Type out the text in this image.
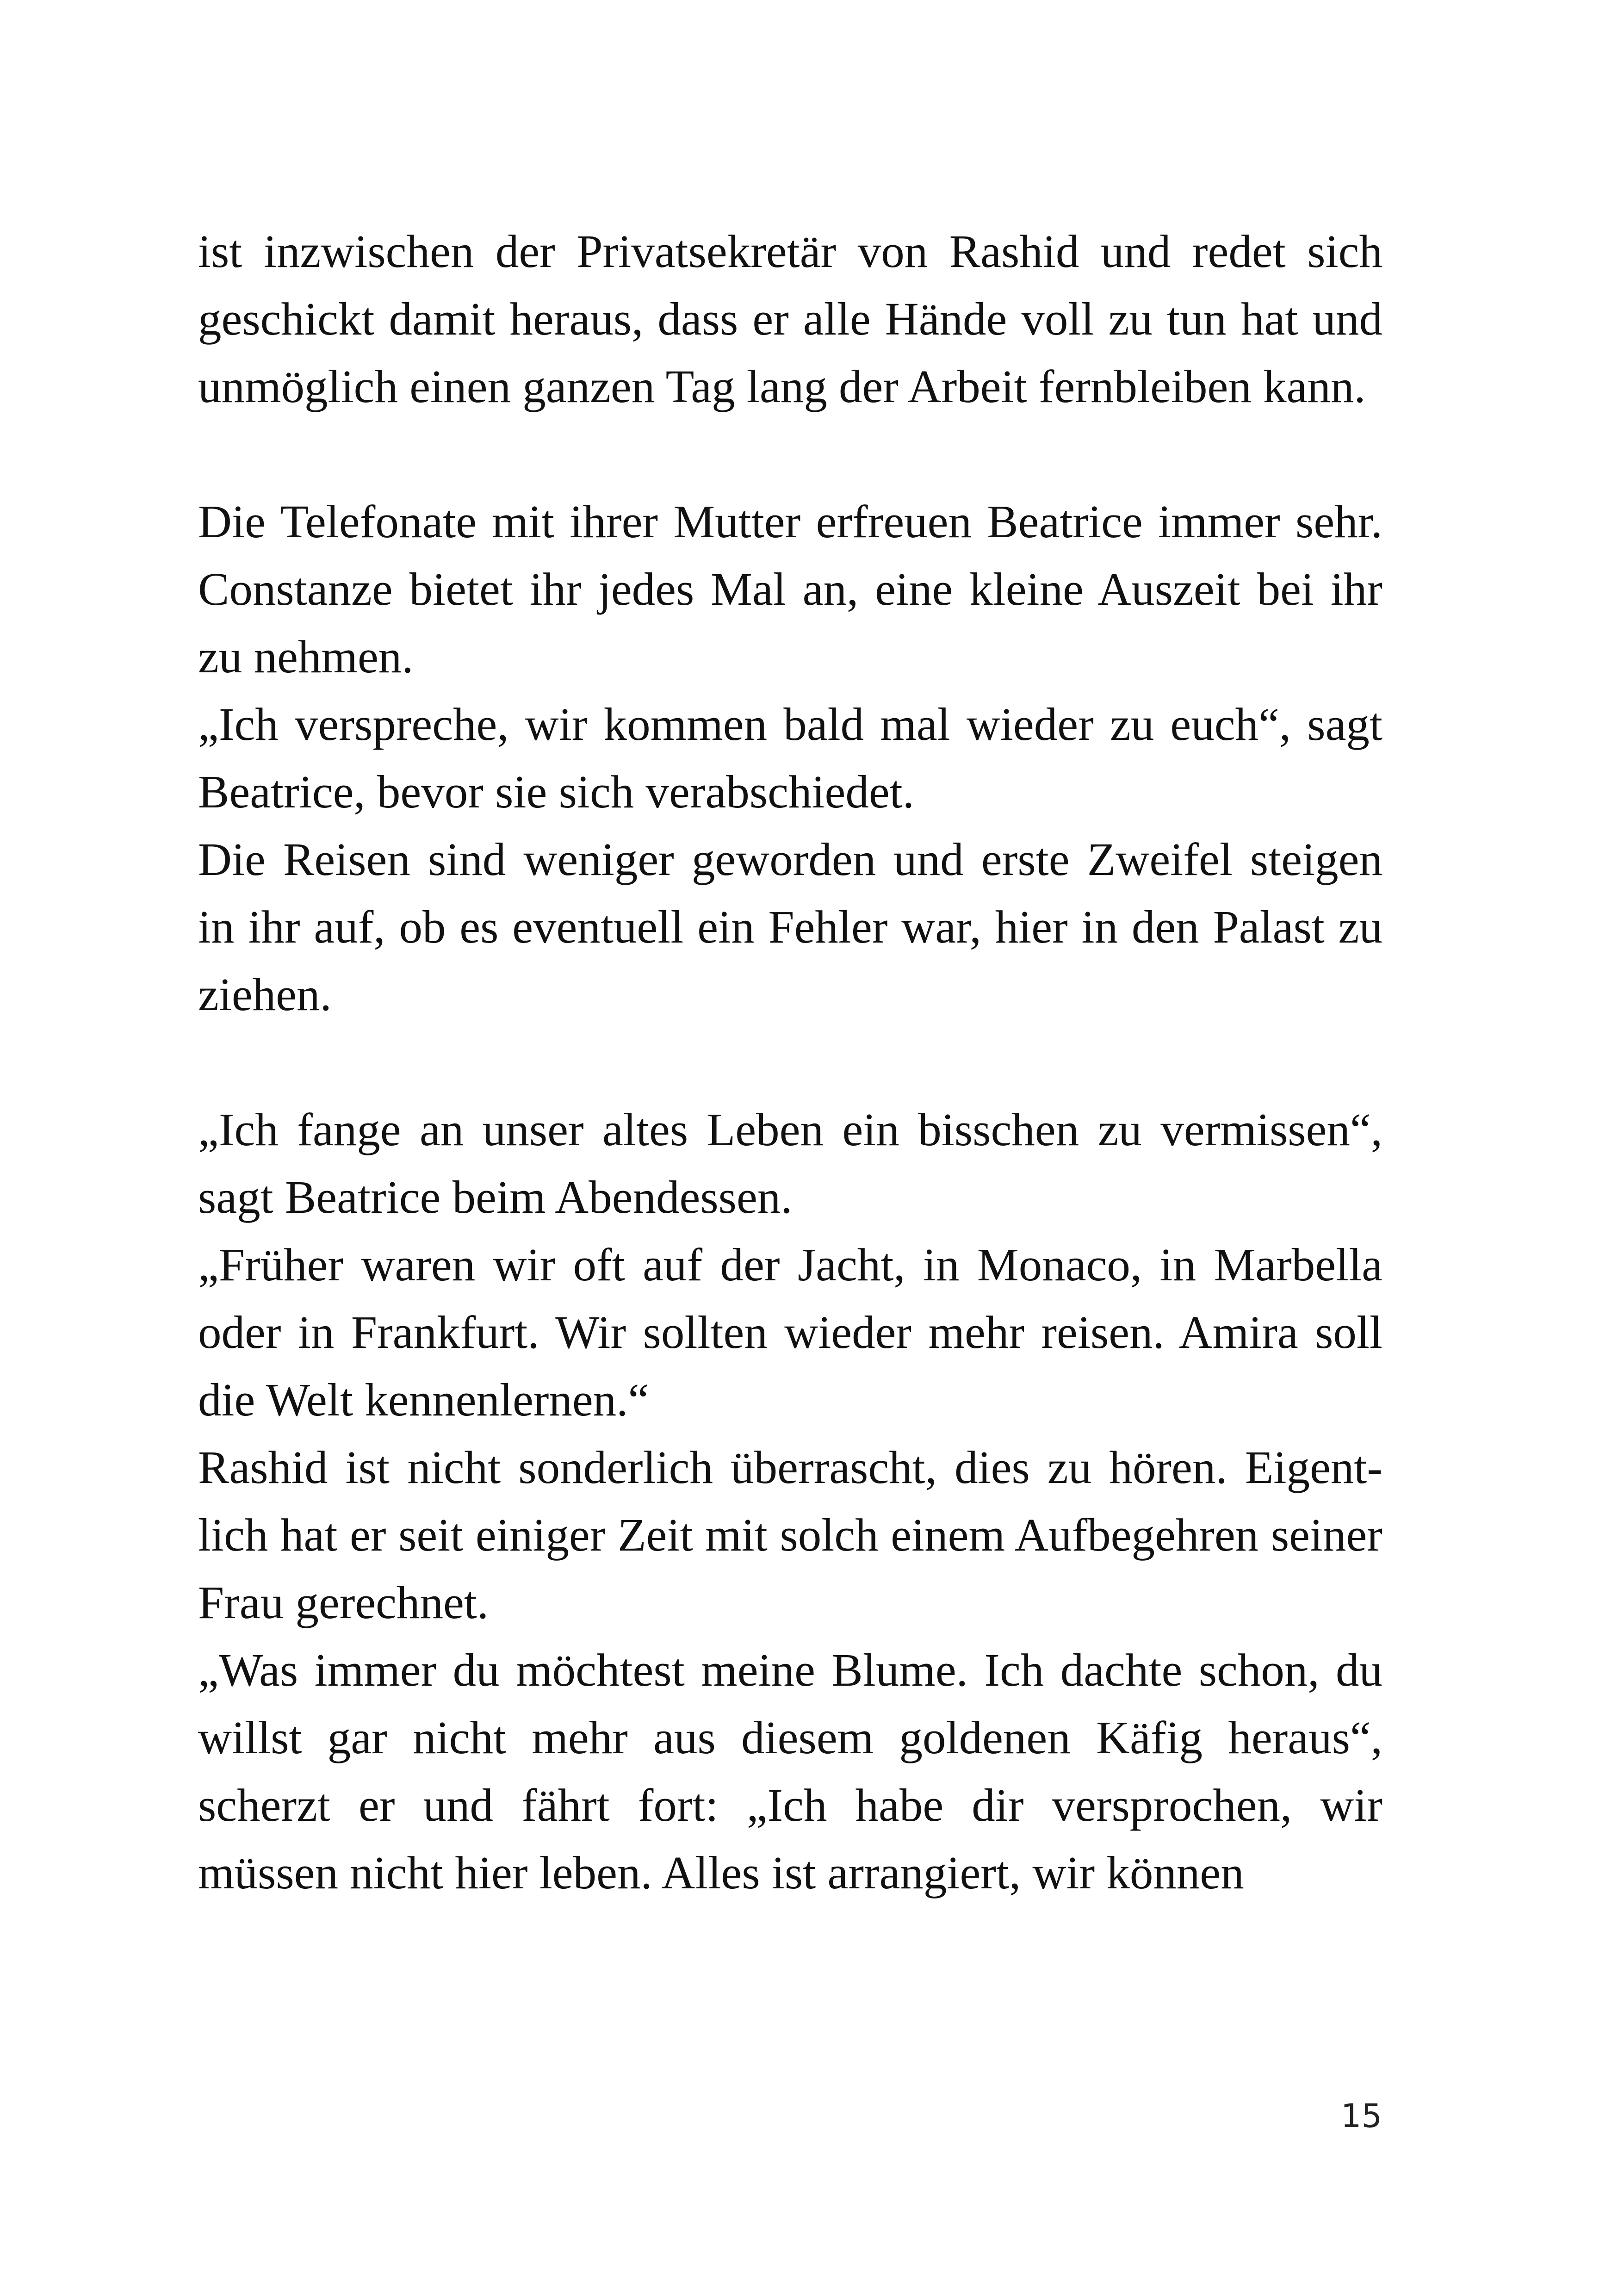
ist inzwischen der Privatsekretär von Rashid und redet sich geschickt damit heraus, dass er alle Hände voll zu tun hat und unmöglich einen ganzen Tag lang der Arbeit fernbleiben kann.

Die Telefonate mit ihrer Mutter erfreuen Beatrice immer sehr. Constanze bietet ihr jedes Mal an, eine kleine Auszeit bei ihr zu nehmen.

„Ich verspreche, wir kommen bald mal wieder zu euch“, sagt Beatrice, bevor sie sich verabschiedet.

Die Reisen sind weniger geworden und erste Zweifel steigen in ihr auf, ob es eventuell ein Fehler war, hier in den Palast zu ziehen.

„Ich fange an unser altes Leben ein bisschen zu vermissen“, sagt Beatrice beim Abendessen.

„Früher waren wir oft auf der Jacht, in Monaco, in Marbella oder in Frankfurt. Wir sollten wieder mehr reisen. Amira soll die Welt kennenlernen.“

Rashid ist nicht sonderlich überrascht, dies zu hören. Eigentlich hat er seit einiger Zeit mit solch einem Aufbegehren seiner Frau gerechnet.

„Was immer du möchtest meine Blume. Ich dachte schon, du willst gar nicht mehr aus diesem goldenen Käfig heraus“, scherzt er und fährt fort: „Ich habe dir versprochen, wir müssen nicht hier leben. Alles ist arrangiert, wir können

15
